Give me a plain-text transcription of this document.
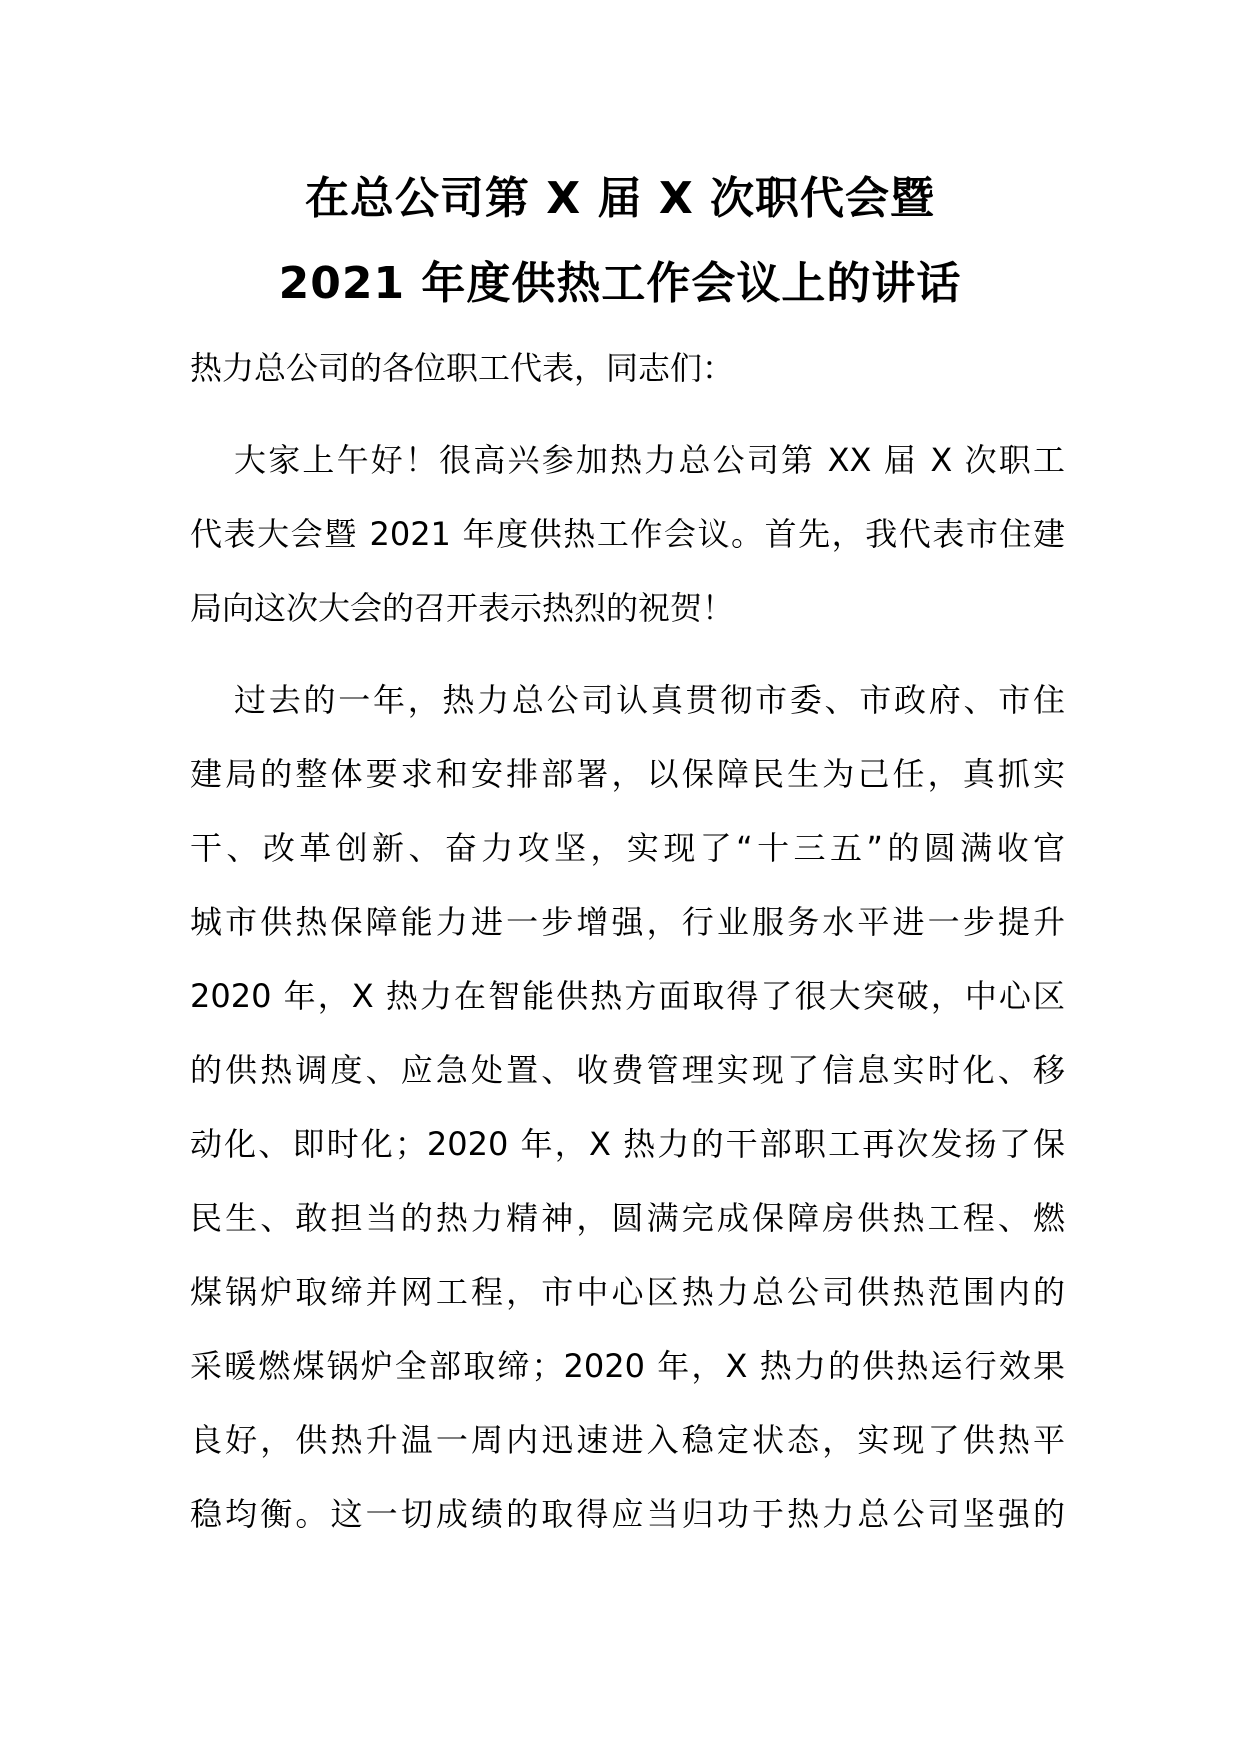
在总公司第 X 届 X 次职代会暨
2021 年度供热工作会议上的讲话
热力总公司的各位职工代表，同志们：
大家上午好！很高兴参加热力总公司第 XX 届 X 次职工
代表大会暨 2021 年度供热工作会议。首先，我代表市住建
局向这次大会的召开表示热烈的祝贺！
过去的一年，热力总公司认真贯彻市委、市政府、市住
建局的整体要求和安排部署，以保障民生为己任，真抓实
干、改革创新、奋力攻坚，实现了“十三五”的圆满收官
城市供热保障能力进一步增强，行业服务水平进一步提升
2020 年，X 热力在智能供热方面取得了很大突破，中心区
的供热调度、应急处置、收费管理实现了信息实时化、移
动化、即时化；2020 年，X 热力的干部职工再次发扬了保
民生、敢担当的热力精神，圆满完成保障房供热工程、燃
煤锅炉取缔并网工程，市中心区热力总公司供热范围内的
采暖燃煤锅炉全部取缔；2020 年，X 热力的供热运行效果
良好，供热升温一周内迅速进入稳定状态，实现了供热平
稳均衡。这一切成绩的取得应当归功于热力总公司坚强的
